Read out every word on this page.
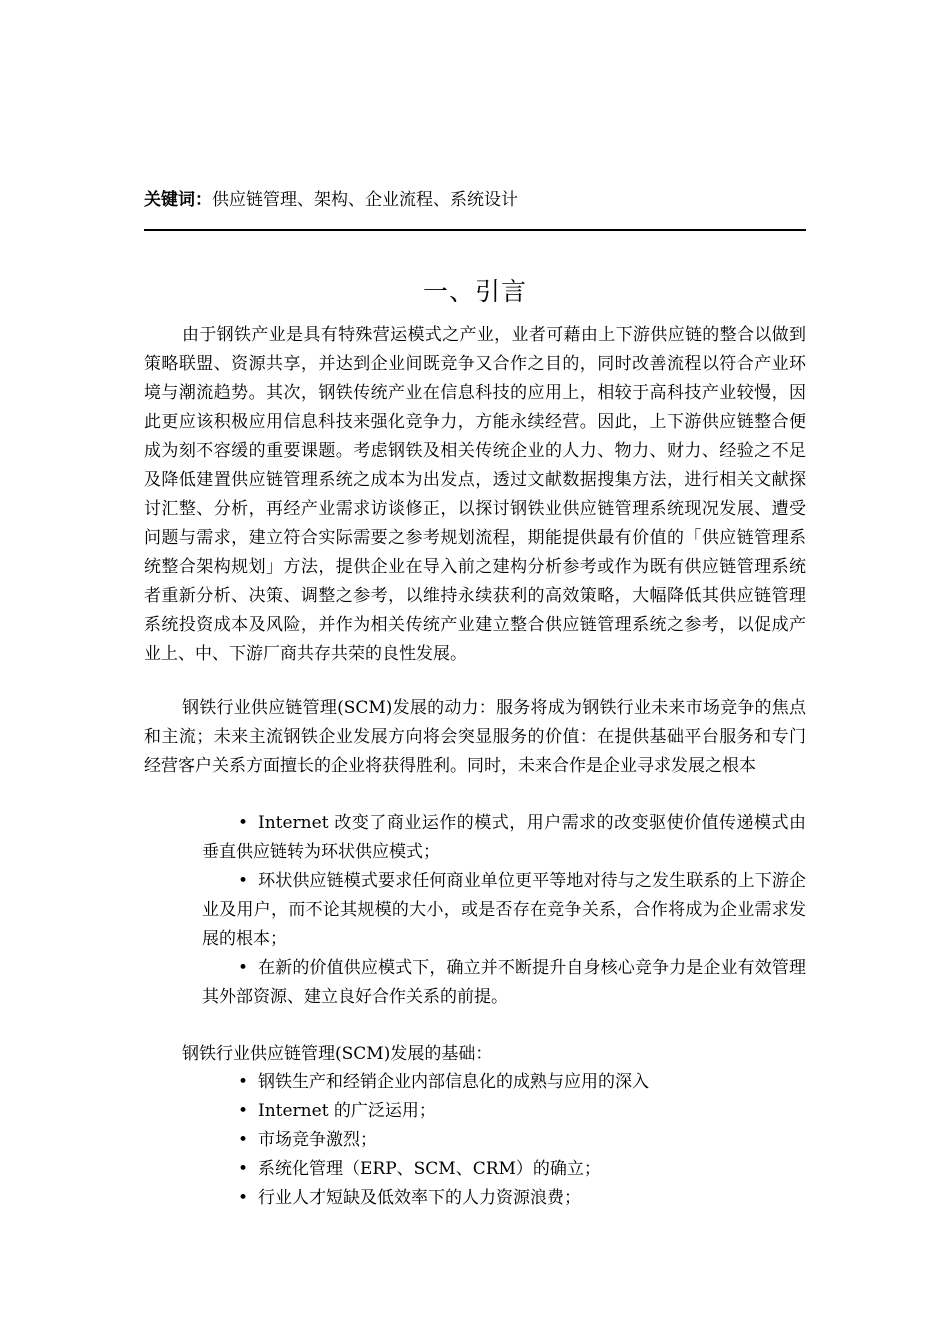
关键词：供应链管理、架构、企业流程、系统设计
一、引言

由于钢铁产业是具有特殊营运模式之产业，业者可藉由上下游供应链的整合以做到策略联盟、资源共享，并达到企业间既竞争又合作之目的，同时改善流程以符合产业环境与潮流趋势。其次，钢铁传统产业在信息科技的应用上，相较于高科技产业较慢，因此更应该积极应用信息科技来强化竞争力，方能永续经营。因此，上下游供应链整合便成为刻不容缓的重要课题。考虑钢铁及相关传统企业的人力、物力、财力、经验之不足及降低建置供应链管理系统之成本为出发点，透过文献数据搜集方法，进行相关文献探讨汇整、分析，再经产业需求访谈修正，以探讨钢铁业供应链管理系统现况发展、遭受问题与需求，建立符合实际需要之参考规划流程，期能提供最有价值的「供应链管理系统整合架构规划」方法，提供企业在导入前之建构分析参考或作为既有供应链管理系统者重新分析、决策、调整之参考，以维持永续获利的高效策略，大幅降低其供应链管理系统投资成本及风险，并作为相关传统产业建立整合供应链管理系统之参考，以促成产业上、中、下游厂商共存共荣的良性发展。

钢铁行业供应链管理(SCM)发展的动力：服务将成为钢铁行业未来市场竞争的焦点和主流；未来主流钢铁企业发展方向将会突显服务的价值：在提供基础平台服务和专门经营客户关系方面擅长的企业将获得胜利。同时，未来合作是企业寻求发展之根本

• Internet 改变了商业运作的模式，用户需求的改变驱使价值传递模式由垂直供应链转为环状供应模式；
• 环状供应链模式要求任何商业单位更平等地对待与之发生联系的上下游企业及用户，而不论其规模的大小，或是否存在竞争关系，合作将成为企业需求发展的根本；
• 在新的价值供应模式下，确立并不断提升自身核心竞争力是企业有效管理其外部资源、建立良好合作关系的前提。
钢铁行业供应链管理(SCM)发展的基础：
• 钢铁生产和经销企业内部信息化的成熟与应用的深入
• Internet 的广泛运用；
• 市场竞争激烈；
• 系统化管理（ERP、SCM、CRM）的确立；
• 行业人才短缺及低效率下的人力资源浪费；
